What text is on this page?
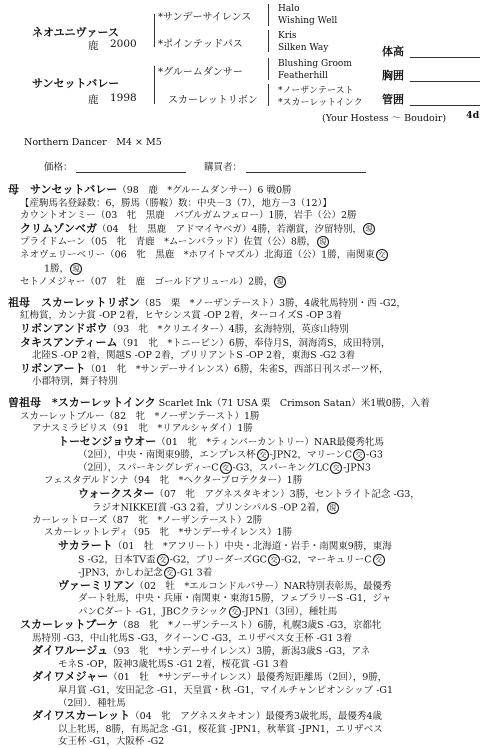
ネオユニヴァース
鹿 2000
サンセットバレー
鹿 1998
*サンデーサイレンス
*ポインテッドパス
*グルームダンサー
スカーレットリボン
Halo
Wishing Well
Kris
Silken Way
Blushing Groom
Featherhill
*ノーザンテースト
*スカーレットインク
(Your Hostess ～ Boudoir) 4d
体高
胸囲
管囲
Northern Dancer　M4 × M5
価格：	購買者：
母　サンセットバレー（98　鹿　*グルームダンサー）6 戦0勝
【産駒馬名登録数：6，勝馬（勝鞍）数：中央－3（7），地方－3（12）】
カウントオンミー（03　牝　黒鹿　バブルガムフェロー）1勝，岩手（公）2勝
クリムゾンベガ（04　牡　黒鹿　アドマイヤベガ）4勝，若潮賞，汐留特別， 現
プライドムーン（05　牝　青鹿　*ムーンバラッド）佐賀（公）8勝， 現
ネオヴェリーベリー（06　牝　黒鹿　*ホワイトマズル）北海道（公）1勝，南関東 交
1勝， 現
セトノメジャー（07　牡　鹿　ゴールドアリュール）2勝， 現
祖母　スカーレットリボン（85　栗　*ノーザンテースト）3勝，4歳牝馬特別・西 -G2，
紅梅賞，カンナ賞 -OP 2着，ヒヤシンス賞 -OP 2着，ターコイズS -OP 3着
リボンアンドボウ（93　牝　*クリエイター）4勝，玄海特別，英彦山特別
タキスアンティーム（91　牝　*トニービン）6勝，奉侍月S，洞海湾S，成田特別，
北陸S -OP 2着，関越S -OP 2着，ブリリアントS -OP 2着，東海S -G2 3着
リボンアート（01　牝　*サンデーサイレンス）6勝，朱雀S，西部日刊スポーツ杯，
小郡特別，舞子特別
曽祖母　*スカーレットインク Scarlet Ink（71 USA 栗　Crimson Satan）米1戦0勝，入着
スカーレットブルー（82　牝　*ノーザンテースト）1勝
アナスミラビリス（91　牝　*リアルシャダイ）1勝
トーセンジョウオー（01　牝　*ティンバーカントリー）NAR最優秀牝馬
（2回），中央・南関東9勝，エンプレス杯 交 -JPN2，マリーンC 交 -G3
（2回），スパーキングレディーC 交 -G3，スパーキングLC 交 -JPN3
フェスタデルドンナ（94　牝　*ヘクタープロテクター）1勝
ウォークスター（07　牝　アグネスタキオン）3勝，セントライト記念 -G3，
ラジオNIKKEI賞 -G3 2着，プリンシパルS -OP 2着， 現
カーレットローズ（87　牝　*ノーザンテースト）2勝
スカーレットレディ（95　牝　*サンデーサイレンス）1勝
サカラート（01　牡　*アフリート）中央・北海道・岩手・南関東9勝，東海
S -G2，日本TV盃 交 -G2，ブリーダーズGC 交 -G2，マーキュリーC 交
-JPN3，かしわ記念 交 -G1 3着
ヴァーミリアン（02　牡　*エルコンドルパサー）NAR特別表彰馬，最優秀
ダート牡馬，中央・兵庫・南関東・東海15勝，フェブラリーS -G1，ジャ
パンCダート -G1，JBCクラシック 交 -JPN1（3回），種牡馬
スカーレットブーケ（88　牝　*ノーザンテースト）6勝，札幌3歳S -G3，京都牝
馬特別 -G3，中山牝馬S -G3，クイーンC -G3，エリザベス女王杯 -G1 3着
ダイワルージュ（93　牝　*サンデーサイレンス）3勝，新潟3歳S -G3，アネ
モネS -OP，阪神3歳牝馬S -G1 2着，桜花賞 -G1 3着
ダイワメジャー（01　牡　*サンデーサイレンス）最優秀短距離馬（2回），9勝，
皐月賞 -G1，安田記念 -G1，天皇賞・秋 -G1，マイルチャンピオンシップ -G1
（2回）．種牡馬
ダイワスカーレット（04　牝　アグネスタキオン）最優秀3歳牝馬，最優秀4歳
以上牝馬，8勝，有馬記念 -G1，桜花賞 -JPN1，秋華賞 -JPN1，エリザベス
女王杯 -G1，大阪杯 -G2
